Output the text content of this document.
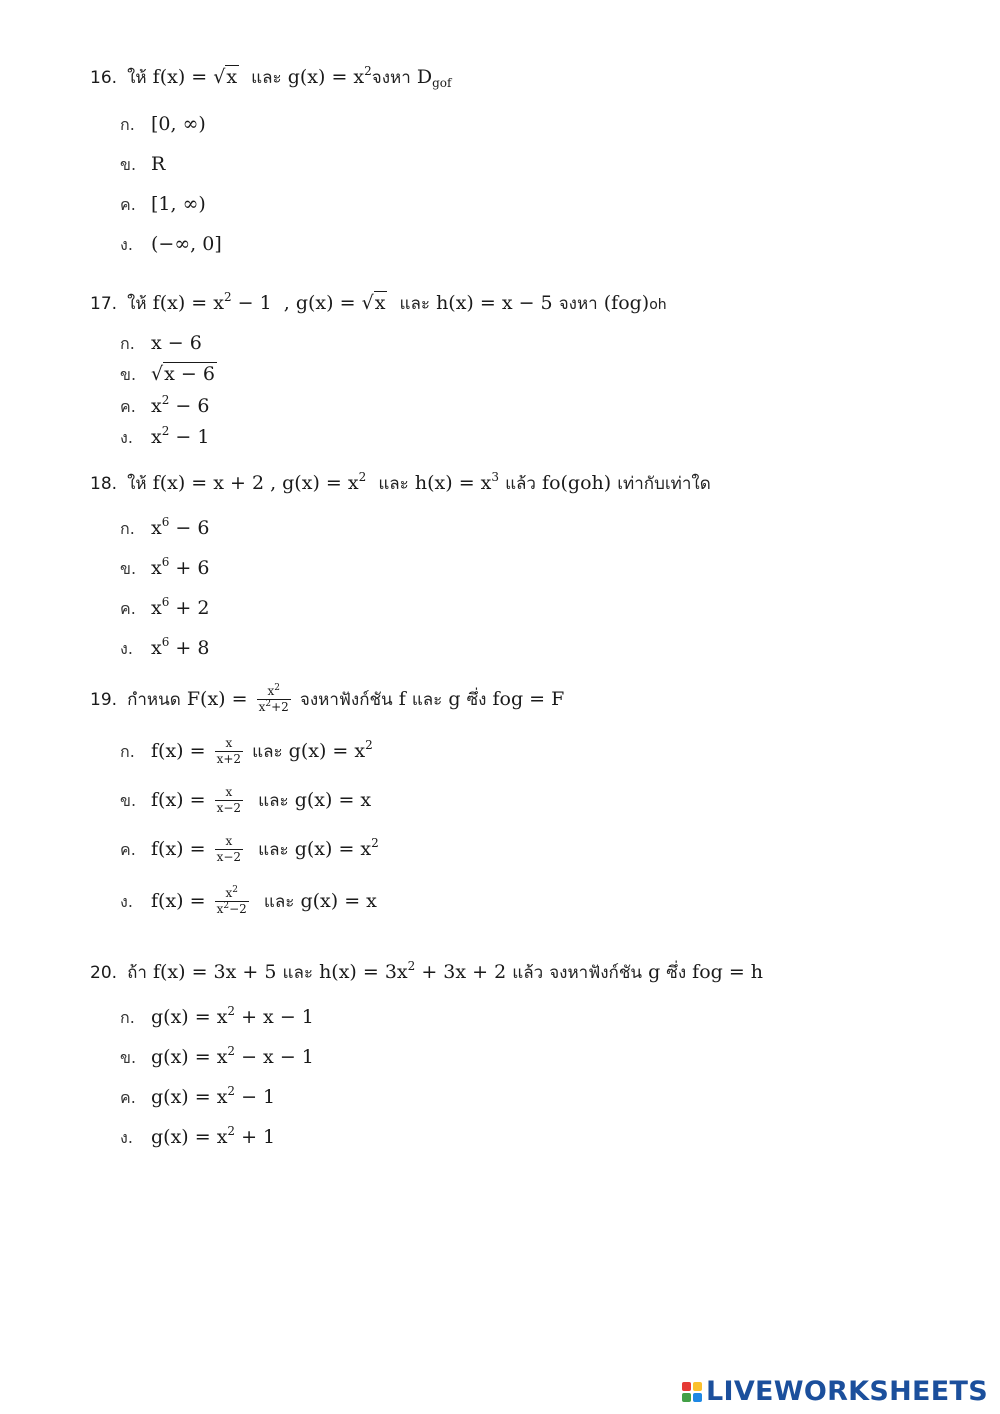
16. ให้ f(x) = √x และ $g(x) = x^2$จงหา $D_{gof}$
ก. [0, ∞)
ข. R
ค. [1, ∞)
ง. (−∞, 0]
17. ให้ $f(x) = x^2 - 1$  , g(x) = √x และ h(x) = x − 5 จงหา (fog)oh
ก. x − 6
ข. √x − 6
ค. $x^2 - 6$
ง. $x^2 - 1$
18. ให้ f(x) = x + 2 , $g(x) = x^2$ และ $h(x) = x^3$ แล้ว fo(goh) เท่ากับเท่าใด
ก. $x^6 - 6$
ข. $x^6 + 6$
ค. $x^6 + 2$
ง. $x^6 + 8$
19. กำหนด $F(x) = \frac{x^2}{x^2+2}$ จงหาฟังก์ชัน f และ g ซึ่ง fog = F
ก. $f(x) = \frac{x}{x+2}$ และ $g(x) = x^2$
ข. $f(x) = \frac{x}{x-2}$ และ g(x) = x
ค. $f(x) = \frac{x}{x-2}$ และ $g(x) = x^2$
ง. $f(x) = \frac{x^2}{x^2-2}$ และ g(x) = x
20. ถ้า f(x) = 3x + 5 และ $h(x) = 3x^2 + 3x + 2$ แล้ว จงหาฟังก์ชัน g ซึ่ง fog = h
ก. $g(x) = x^2 + x - 1$
ข. $g(x) = x^2 - x - 1$
ค. $g(x) = x^2 - 1$
ง. $g(x) = x^2 + 1$
LIVEWORKSHEETS
